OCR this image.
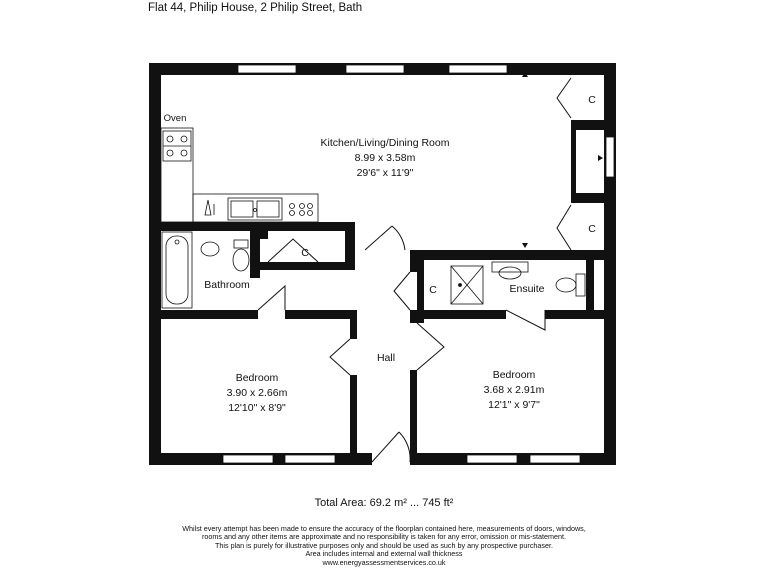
Flat 44, Philip House, 2 Philip Street, Bath
Oven
Kitchen/Living/Dining Room
8.99 x 3.58m
29'6" x 11'9"
Bathroom	Ensuite
Hall
Bedroom
3.90 x 2.66m
12'10" x 8'9"
Bedroom
3.68 x 2.91m
12'1" x 9'7"
C
C
C
C
Total Area: 69.2 m² ... 745 ft²
Whilst every attempt has been made to ensure the accuracy of the floorplan contained here, measurements of doors, windows,
rooms and any other items are approximate and no responsibility is taken for any error, omission or mis-statement.
This plan is purely for illustrative purposes only and should be used as such by any prospective purchaser.
Area includes internal and external wall thickness
www.energyassessmentservices.co.uk
